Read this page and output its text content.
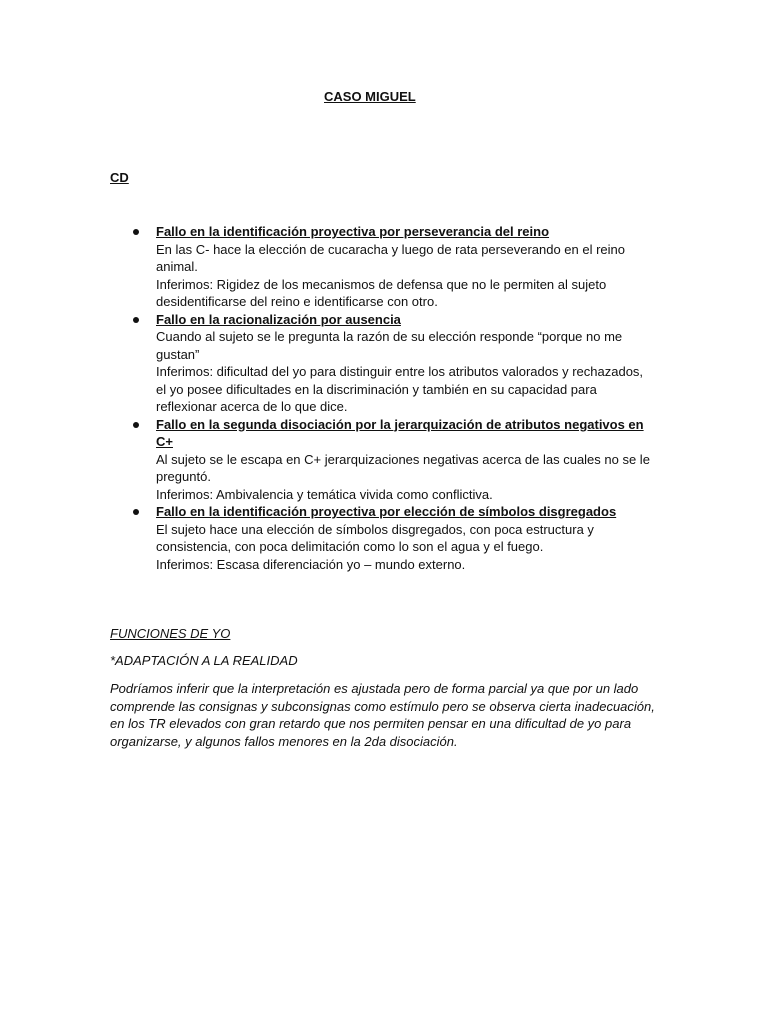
CASO MIGUEL
CD
Fallo en la identificación proyectiva por perseverancia del reino
En las C- hace la elección de cucaracha y luego de rata perseverando en el reino animal.
Inferimos: Rigidez de los mecanismos de defensa que no le permiten al sujeto desidentificarse del reino e identificarse con otro.
Fallo en la racionalización por ausencia
Cuando al sujeto se le pregunta la razón de su elección responde “porque no me gustan”
Inferimos: dificultad del yo para distinguir entre los atributos valorados y rechazados, el yo posee dificultades en la discriminación y también en su capacidad para reflexionar acerca de lo que dice.
Fallo en la segunda disociación por la jerarquización de atributos negativos en C+
Al sujeto se le escapa en C+ jerarquizaciones negativas acerca de las cuales no se le preguntó.
Inferimos: Ambivalencia y temática vivida como conflictiva.
Fallo en la identificación proyectiva por elección de símbolos disgregados
El sujeto hace una elección de símbolos disgregados, con poca estructura y consistencia, con poca delimitación como lo son el agua y el fuego.
Inferimos: Escasa diferenciación yo – mundo externo.
FUNCIONES DE YO
*ADAPTACIÓN A LA REALIDAD

Podríamos inferir que la interpretación es ajustada pero de forma parcial ya que por un lado comprende las consignas y subconsignas como estímulo pero se observa cierta inadecuación, en los TR elevados con gran retardo que nos permiten pensar en una dificultad de yo para organizarse, y algunos fallos menores en la 2da disociación.
